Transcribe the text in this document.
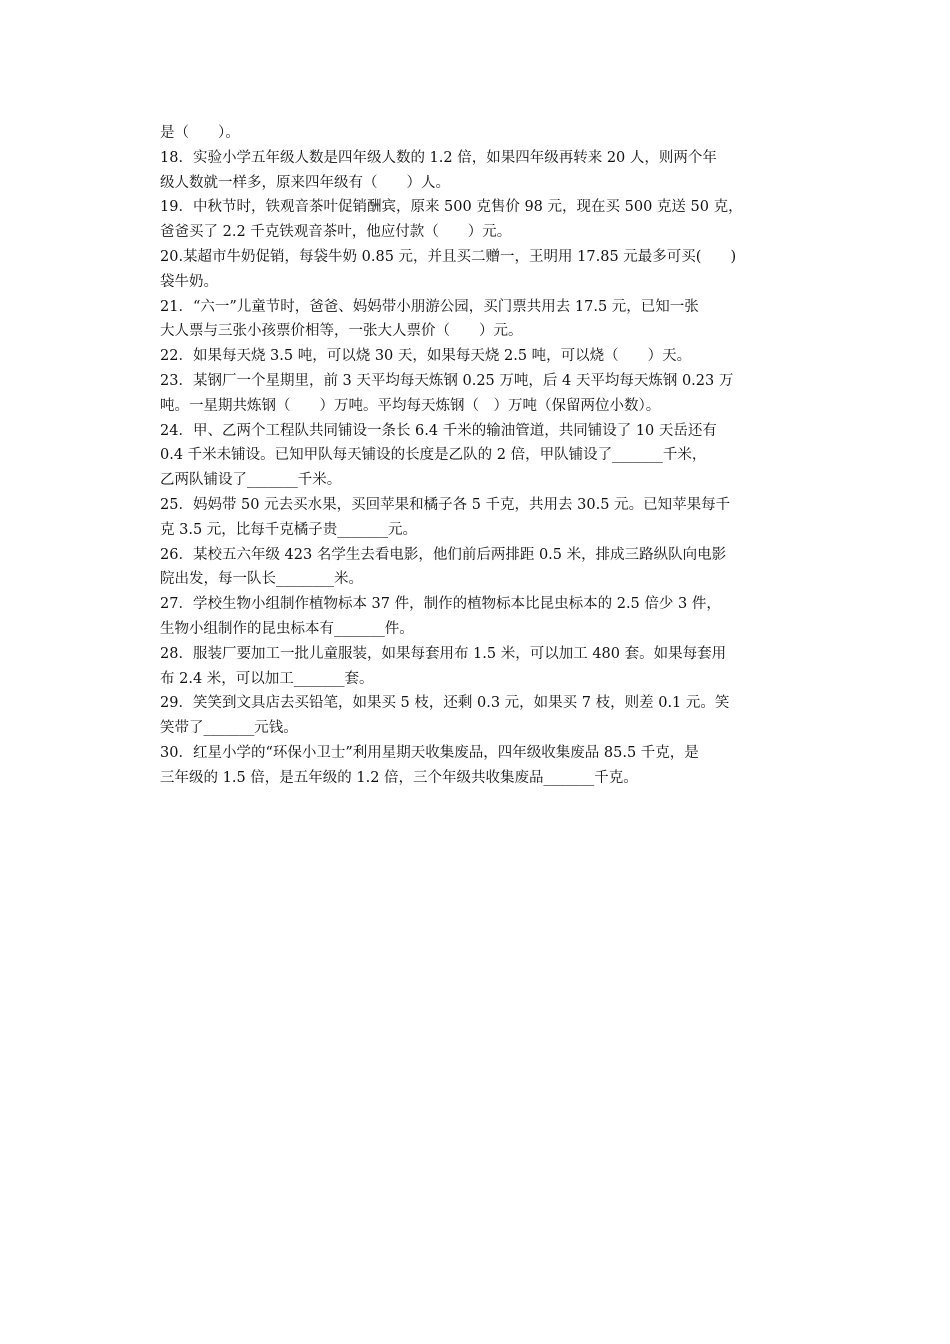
是（　　）。
18．实验小学五年级人数是四年级人数的 1.2 倍，如果四年级再转来 20 人，则两个年
级人数就一样多，原来四年级有（　　）人。
19．中秋节时，铁观音茶叶促销酬宾，原来 500 克售价 98 元，现在买 500 克送 50 克，
爸爸买了 2.2 千克铁观音茶叶，他应付款（　　）元。
20.某超市牛奶促销，每袋牛奶 0.85 元，并且买二赠一，王明用 17.85 元最多可买(　　)
袋牛奶。
21．“六一”儿童节时，爸爸、妈妈带小朋游公园，买门票共用去 17.5 元，已知一张
大人票与三张小孩票价相等，一张大人票价（　　）元。
22．如果每天烧 3.5 吨，可以烧 30 天，如果每天烧 2.5 吨，可以烧（　　）天。
23．某钢厂一个星期里，前 3 天平均每天炼钢 0.25 万吨，后 4 天平均每天炼钢 0.23 万
吨。一星期共炼钢（　　）万吨。平均每天炼钢（　）万吨（保留两位小数）。
24．甲、乙两个工程队共同铺设一条长 6.4 千米的输油管道，共同铺设了 10 天岳还有
0.4 千米未铺设。已知甲队每天铺设的长度是乙队的 2 倍，甲队铺设了_______千米，
乙两队铺设了_______千米。
25．妈妈带 50 元去买水果，买回苹果和橘子各 5 千克，共用去 30.5 元。已知苹果每千
克 3.5 元，比每千克橘子贵_______元。
26．某校五六年级 423 名学生去看电影，他们前后两排距 0.5 米，排成三路纵队向电影
院出发，每一队长________米。
27．学校生物小组制作植物标本 37 件，制作的植物标本比昆虫标本的 2.5 倍少 3 件，
生物小组制作的昆虫标本有_______件。
28．服装厂要加工一批儿童服装，如果每套用布 1.5 米，可以加工 480 套。如果每套用
布 2.4 米，可以加工_______套。
29．笑笑到文具店去买铅笔，如果买 5 枝，还剩 0.3 元，如果买 7 枝，则差 0.1 元。笑
笑带了_______元钱。
30．红星小学的“环保小卫士”利用星期天收集废品，四年级收集废品 85.5 千克，是
三年级的 1.5 倍，是五年级的 1.2 倍，三个年级共收集废品_______千克。
